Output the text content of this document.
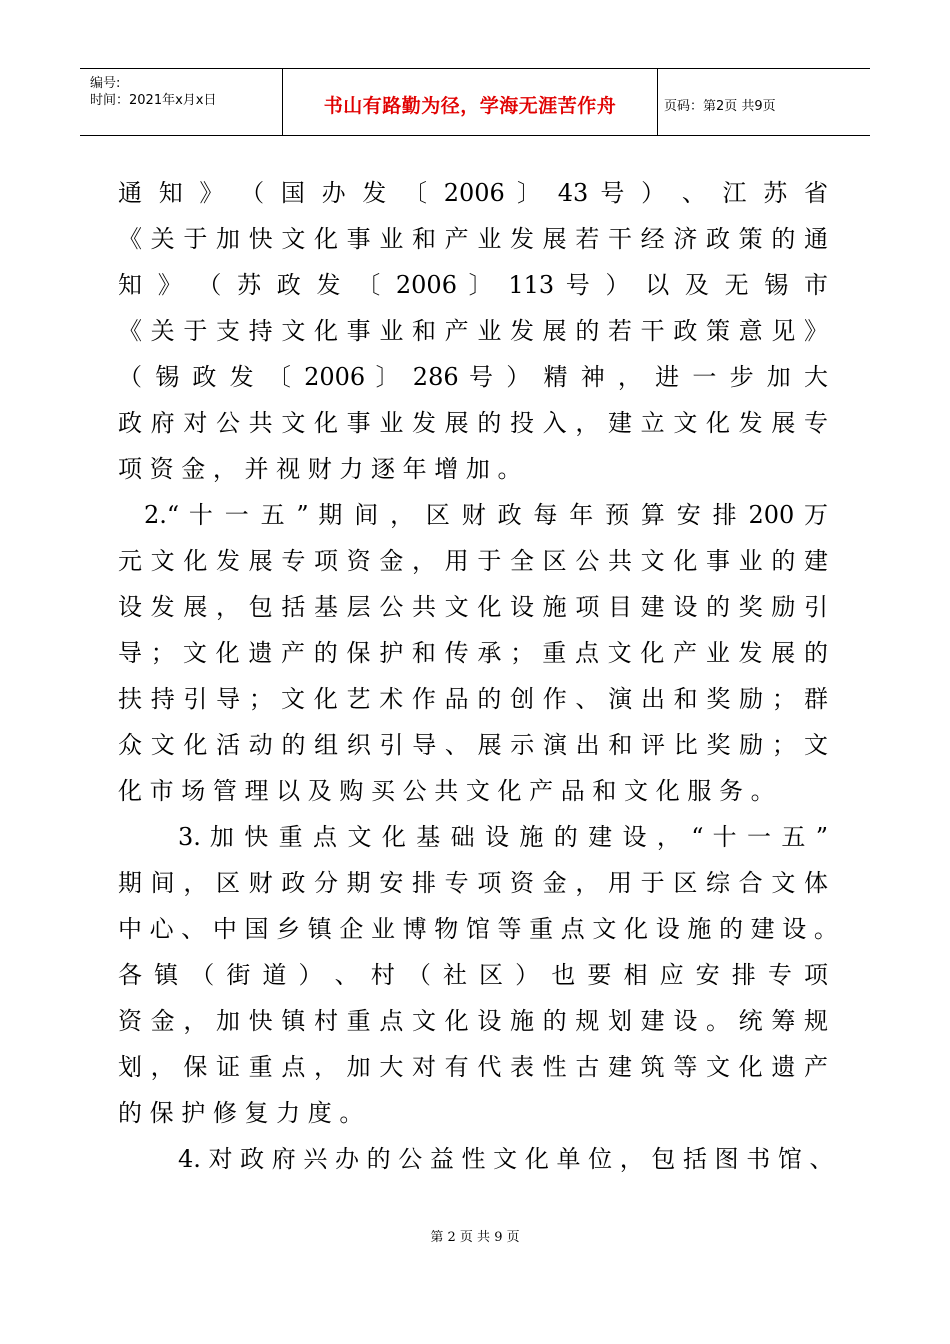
编号:
时间：2021年x月x日	书山有路勤为径，学海无涯苦作舟	页码：第2页 共9页
通 知 》 （ 国 办 发 〔 2006 〕 43 号 ） 、 江 苏 省
《关于加快文化事业和产业发展若干经济政策的通
知 》 （ 苏 政 发 〔 2006 〕 113 号 ） 以 及 无 锡 市
《关于支持文化事业和产业发展的若干政策意见》
（ 锡 政 发 〔 2006 〕 286 号 ） 精 神 ， 进 一 步 加 大
政 府 对 公 共 文 化 事 业 发 展 的 投 入 ， 建 立 文 化 发 展 专
项 资 金 ， 并 视 财 力 逐 年 增 加 。
2.“ 十 一 五 ” 期 间 ， 区 财 政 每 年 预 算 安 排 200 万
元 文 化 发 展 专 项 资 金 ， 用 于 全 区 公 共 文 化 事 业 的 建
设 发 展 ， 包 括 基 层 公 共 文 化 设 施 项 目 建 设 的 奖 励 引
导 ； 文 化 遗 产 的 保 护 和 传 承 ； 重 点 文 化 产 业 发 展 的
扶 持 引 导 ； 文 化 艺 术 作 品 的 创 作 、 演 出 和 奖 励 ； 群
众 文 化 活 动 的 组 织 引 导 、 展 示 演 出 和 评 比 奖 励 ； 文
化 市 场 管 理 以 及 购 买 公 共 文 化 产 品 和 文 化 服 务 。
3. 加 快 重 点 文 化 基 础 设 施 的 建 设 ， “ 十 一 五 ”
期 间 ， 区 财 政 分 期 安 排 专 项 资 金 ， 用 于 区 综 合 文 体
中 心 、 中 国 乡 镇 企 业 博 物 馆 等 重 点 文 化 设 施 的 建 设 。
各 镇 （ 街 道 ） 、 村 （ 社 区 ） 也 要 相 应 安 排 专 项
资 金 ， 加 快 镇 村 重 点 文 化 设 施 的 规 划 建 设 。 统 筹 规
划 ， 保 证 重 点 ， 加 大 对 有 代 表 性 古 建 筑 等 文 化 遗 产
的 保 护 修 复 力 度 。
4. 对 政 府 兴 办 的 公 益 性 文 化 单 位 ， 包 括 图 书 馆 、
第 2 页 共 9 页
